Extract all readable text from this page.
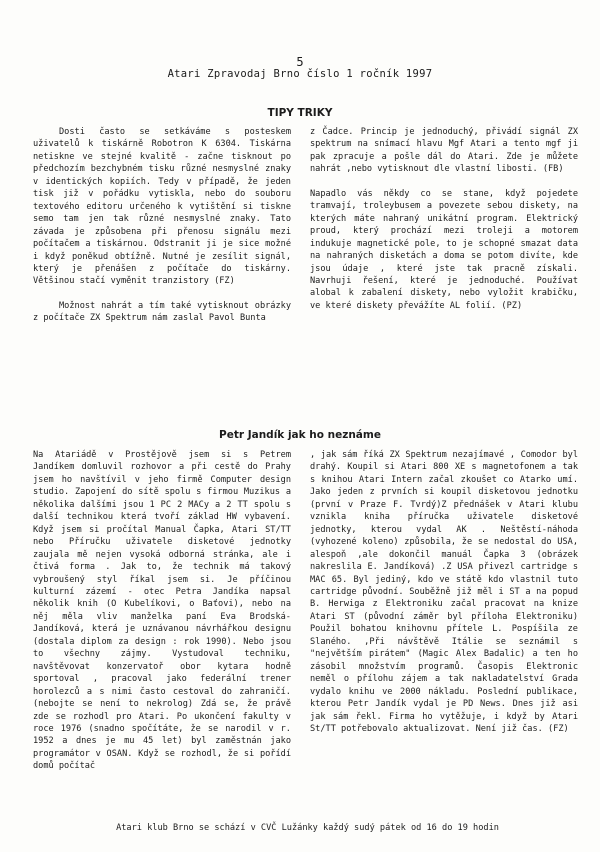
5
Atari Zpravodaj Brno číslo 1 ročník 1997
TIPY TRIKY

Dosti často se setkáváme s posteskem uživatelů k tiskárně Robotron K 6304. Tiskárna netiskne ve stejné kvalitě - začne tisknout po předchozím bezchybném tisku různé nesmyslné znaky v identických kopiích. Tedy v případě, že jeden tisk již v pořádku vytiskla, nebo do souboru textového editoru určeného k vytištění si tiskne semo tam jen tak různé nesmyslné znaky. Tato závada je způsobena při přenosu signálu mezi počítačem a tiskárnou. Odstranit ji je sice možné i když poněkud obtížně. Nutné je zesílit signál, který je přenášen z počítače do tiskárny. Většinou stačí vyměnit tranzistory (FZ)

Možnost nahrát a tím také vytisknout obrázky z počítače ZX Spektrum nám zaslal Pavol Bunta

z Čadce. Princip je jednoduchý, přivádí signál ZX spektrum na snímací hlavu Mgf Atari a tento mgf ji pak zpracuje a pošle dál do Atari. Zde je můžete nahrát ,nebo vytisknout dle vlastní libosti. (FB)

Napadlo vás někdy co se stane, když pojedete tramvají, troleybusem a povezete sebou diskety, na kterých máte nahraný unikátní program. Elektrický proud, který prochází mezi troleji a motorem indukuje magnetické pole, to je schopné smazat data na nahraných disketách a doma se potom divíte, kde jsou údaje , které jste tak pracně získali. Navrhuji řešení, které je jednoduché. Používat alobal k zabalení diskety, nebo vyložit krabičku, ve které diskety převážíte AL folií. (PZ)

Petr Jandík jak ho neznáme

Na Atariádě v Prostějově jsem si s Petrem Jandíkem domluvil rozhovor a při cestě do Prahy jsem ho navštívil v jeho firmě Computer design studio. Zapojení do sítě spolu s firmou Muzikus a několika dalšími jsou 1 PC 2 MACy a 2 TT spolu s další technikou která tvoří základ HW vybavení. Když jsem si pročítal Manual Čapka, Atari ST/TT nebo Příručku uživatele disketové jednotky zaujala mě nejen vysoká odborná stránka, ale i čtivá forma . Jak to, že technik má takový vybroušený styl říkal jsem si. Je příčinou kulturní zázemí - otec Petra Jandíka napsal několik knih (O Kubelíkovi, o Baťovi), nebo na něj měla vliv manželka paní Eva Brodská-Jandíková, která je uznávanou návrhářkou designu (dostala diplom za design : rok 1990). Nebo jsou to všechny zájmy. Vystudoval techniku, navštěvovat konzervatoř obor kytara hodně sportoval , pracoval jako federální trener horolezců a s nimi často cestoval do zahraničí. (nebojte se není to nekrolog) Zdá se, že právě zde se rozhodl pro Atari. Po ukončení fakulty v roce 1976 (snadno spočítáte, že se narodil v r. 1952 a dnes je mu 45 let) byl zaměstnán jako programátor v OSAN. Když se rozhodl, že si pořídí domů počítač

, jak sám říká ZX Spektrum nezajímavé , Comodor byl drahý. Koupil si Atari 800 XE s magnetofonem a tak s knihou Atari Intern začal zkoušet co Atarko umí. Jako jeden z prvních si koupil disketovou jednotku (první v Praze F. Tvrdý)Z přednášek v Atari klubu vznikla kniha příručka uživatele disketové jednotky, kterou vydal AK . Neštěstí-náhoda (vyhozené koleno) způsobila, že se nedostal do USA, alespoň ,ale dokončil manuál Čapka 3 (obrázek nakreslila E. Jandíková) .Z USA přivezl cartridge s MAC 65. Byl jediný, kdo ve státě kdo vlastnil tuto cartridge původní. Souběžně již měl i ST a na popud B. Herwiga z Elektroniku začal pracovat na knize Atari ST (původní záměr byl příloha Elektroniku) Použil bohatou knihovnu přítele L. Pospíšila ze Slaného. ,Při návštěvě Itálie se seznámil s "největším pirátem" (Magic Alex Badalic) a ten ho zásobil množstvím programů. Časopis Elektronic neměl o přílohu zájem a tak nakladatelství Grada vydalo knihu ve 2000 nákladu. Poslední publikace, kterou Petr Jandík vydal je PD News. Dnes již asi jak sám řekl. Firma ho vytěžuje, i když by Atari St/TT potřebovalo aktualizovat. Není již čas. (FZ)

Atari klub Brno se schází v CVČ Lužánky každý sudý pátek od 16 do 19 hodin
